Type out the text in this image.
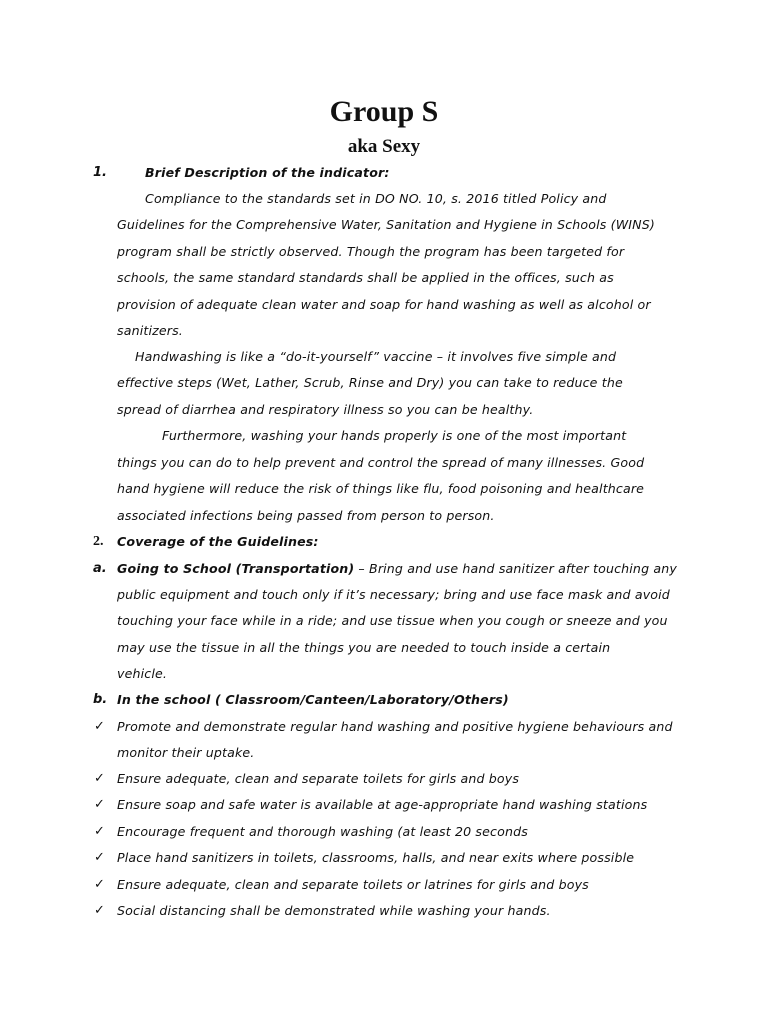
Group S
aka Sexy
1.	Brief Description of the indicator:
Compliance to the standards set in DO NO. 10, s. 2016 titled Policy and
Guidelines for the Comprehensive Water, Sanitation and Hygiene in Schools (WINS)
program shall be strictly observed. Though the program has been targeted for
schools, the same standard standards shall be applied in the offices, such as
provision of adequate clean water and soap for hand washing as well as alcohol or
sanitizers.
Handwashing is like a “do-it-yourself” vaccine – it involves five simple and
effective steps (Wet, Lather, Scrub, Rinse and Dry) you can take to reduce the
spread of diarrhea and respiratory illness so you can be healthy.
Furthermore, washing your hands properly is one of the most important
things you can do to help prevent and control the spread of many illnesses. Good
hand hygiene will reduce the risk of things like flu, food poisoning and healthcare
associated infections being passed from person to person.
2. Coverage of the Guidelines:
a. Going to School (Transportation) – Bring and use hand sanitizer after touching any
public equipment and touch only if it’s necessary; bring and use face mask and avoid
touching your face while in a ride; and use tissue when you cough or sneeze and you
may use the tissue in all the things you are needed to touch inside a certain
vehicle.
b. In the school ( Classroom/Canteen/Laboratory/Others)
✓ Promote and demonstrate regular hand washing and positive hygiene behaviours and
monitor their uptake.
✓ Ensure adequate, clean and separate toilets for girls and boys
✓ Ensure soap and safe water is available at age-appropriate hand washing stations
✓ Encourage frequent and thorough washing (at least 20 seconds
✓ Place hand sanitizers in toilets, classrooms, halls, and near exits where possible
✓ Ensure adequate, clean and separate toilets or latrines for girls and boys
✓ Social distancing shall be demonstrated while washing your hands.
